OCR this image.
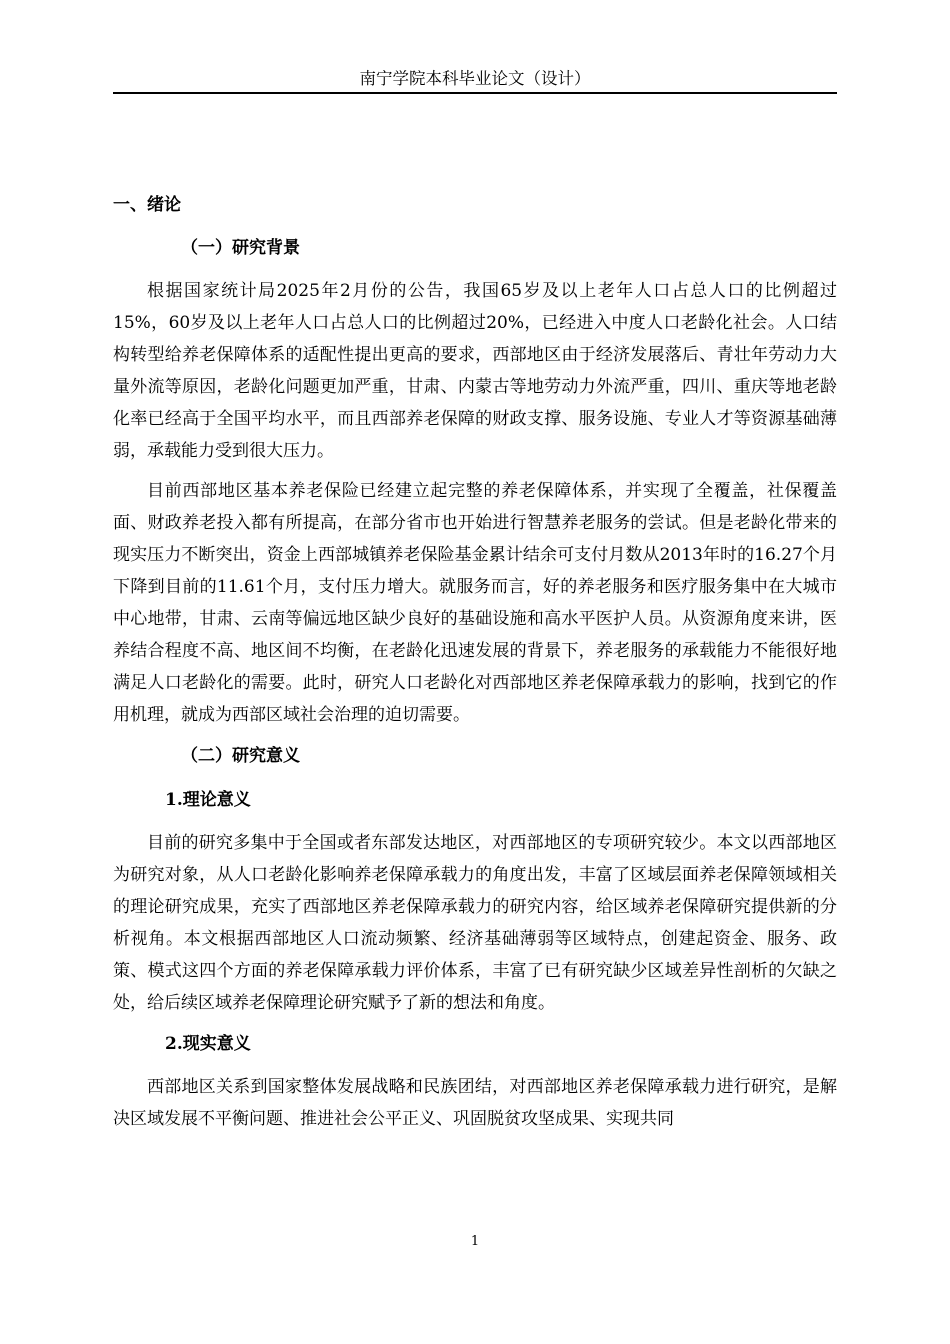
南宁学院本科毕业论文（设计）
一、绪论
（一）研究背景

根据国家统计局2025年2月份的公告，我国65岁及以上老年人口占总人口的比例超过15%，60岁及以上老年人口占总人口的比例超过20%，已经进入中度人口老龄化社会。人口结构转型给养老保障体系的适配性提出更高的要求，西部地区由于经济发展落后、青壮年劳动力大量外流等原因，老龄化问题更加严重，甘肃、内蒙古等地劳动力外流严重，四川、重庆等地老龄化率已经高于全国平均水平，而且西部养老保障的财政支撑、服务设施、专业人才等资源基础薄弱，承载能力受到很大压力。

目前西部地区基本养老保险已经建立起完整的养老保障体系，并实现了全覆盖，社保覆盖面、财政养老投入都有所提高，在部分省市也开始进行智慧养老服务的尝试。但是老龄化带来的现实压力不断突出，资金上西部城镇养老保险基金累计结余可支付月数从2013年时的16.27个月下降到目前的11.61个月，支付压力增大。就服务而言，好的养老服务和医疗服务集中在大城市中心地带，甘肃、云南等偏远地区缺少良好的基础设施和高水平医护人员。从资源角度来讲，医养结合程度不高、地区间不均衡，在老龄化迅速发展的背景下，养老服务的承载能力不能很好地满足人口老龄化的需要。此时，研究人口老龄化对西部地区养老保障承载力的影响，找到它的作用机理，就成为西部区域社会治理的迫切需要。

（二）研究意义
1.理论意义

目前的研究多集中于全国或者东部发达地区，对西部地区的专项研究较少。本文以西部地区为研究对象，从人口老龄化影响养老保障承载力的角度出发，丰富了区域层面养老保障领域相关的理论研究成果，充实了西部地区养老保障承载力的研究内容，给区域养老保障研究提供新的分析视角。本文根据西部地区人口流动频繁、经济基础薄弱等区域特点，创建起资金、服务、政策、模式这四个方面的养老保障承载力评价体系，丰富了已有研究缺少区域差异性剖析的欠缺之处，给后续区域养老保障理论研究赋予了新的想法和角度。

2.现实意义

西部地区关系到国家整体发展战略和民族团结，对西部地区养老保障承载力进行研究，是解决区域发展不平衡问题、推进社会公平正义、巩固脱贫攻坚成果、实现共同

1
